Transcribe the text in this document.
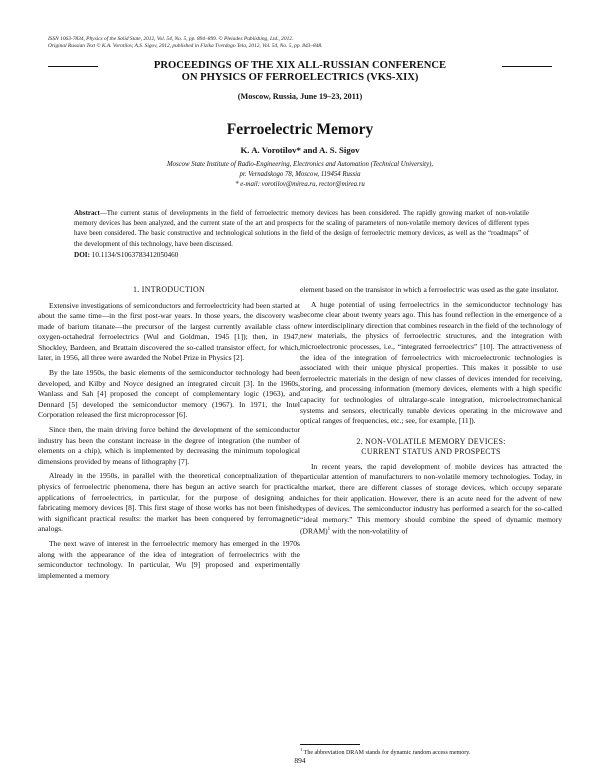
ISSN 1063-7834, Physics of the Solid State, 2012, Vol. 54, No. 5, pp. 894–899. © Pleiades Publishing, Ltd., 2012.
Original Russian Text © K.A. Vorotilov, A.S. Sigov, 2012, published in Fizika Tverdogo Tela, 2012, Vol. 54, No. 5, pp. 843–848.
PROCEEDINGS OF THE XIX ALL-RUSSIAN CONFERENCE
ON PHYSICS OF FERROELECTRICS (VKS-XIX)
(Moscow, Russia, June 19–23, 2011)
Ferroelectric Memory
K. A. Vorotilov* and A. S. Sigov
Moscow State Institute of Radio-Engineering, Electronics and Automation (Technical University),
pr. Vernadskogo 78, Moscow, 119454 Russia
* e-mail: vorotilov@mirea.ru, rector@mirea.ru
Abstract—The current status of developments in the field of ferroelectric memory devices has been considered. The rapidly growing market of non-volatile memory devices has been analyzed, and the current state of the art and prospects for the scaling of parameters of non-volatile memory devices of different types have been considered. The basic constructive and technological solutions in the field of the design of ferroelectric memory devices, as well as the “roadmaps” of the development of this technology, have been discussed.
DOI: 10.1134/S1063783412050460
1. INTRODUCTION

Extensive investigations of semiconductors and ferroelectricity had been started at about the same time—in the first post-war years. In those years, the discovery was made of barium titanate—the precursor of the largest currently available class of oxygen-octahedral ferroelectrics (Wul and Goldman, 1945 [1]); then, in 1947, Shockley, Bardeen, and Brattain discovered the so-called transistor effect, for which, later, in 1956, all three were awarded the Nobel Prize in Physics [2].

By the late 1950s, the basic elements of the semiconductor technology had been developed, and Kilby and Noyce designed an integrated circuit [3]. In the 1960s, Wanlass and Sah [4] proposed the concept of complementary logic (1963), and Dennard [5] developed the semiconductor memory (1967). In 1971, the Intel Corporation released the first microprocessor [6].

Since then, the main driving force behind the development of the semiconductor industry has been the constant increase in the degree of integration (the number of elements on a chip), which is implemented by decreasing the minimum topological dimensions provided by means of lithography [7].

Already in the 1950s, in parallel with the theoretical conceptualization of the physics of ferroelectric phenomena, there has begun an active search for practical applications of ferroelectrics, in particular, for the purpose of designing and fabricating memory devices [8]. This first stage of those works has not been finished with significant practical results: the market has been conquered by ferromagnetic analogs.

The next wave of interest in the ferroelectric memory has emerged in the 1970s along with the appearance of the idea of integration of ferroelectrics with the semiconductor technology. In particular, Wu [9] proposed and experimentally implemented a memory

element based on the transistor in which a ferroelectric was used as the gate insulator.

A huge potential of using ferroelectrics in the semiconductor technology has become clear about twenty years ago. This has found reflection in the emergence of a new interdisciplinary direction that combines research in the field of the technology of new materials, the physics of ferroelectric structures, and the integration with microelectronic processes, i.e., “integrated ferroelectrics” [10]. The attractiveness of the idea of the integration of ferroelectrics with microelectronic technologies is associated with their unique physical properties. This makes it possible to use ferroelectric materials in the design of new classes of devices intended for receiving, storing, and processing information (memory devices, elements with a high specific capacity for technologies of ultralarge-scale integration, microelectromechanical systems and sensors, electrically tunable devices operating in the microwave and optical ranges of frequencies, etc.; see, for example, [11]).

2. NON-VOLATILE MEMORY DEVICES:
CURRENT STATUS AND PROSPECTS

In recent years, the rapid development of mobile devices has attracted the particular attention of manufacturers to non-volatile memory technologies. Today, in the market, there are different classes of storage devices, which occupy separate niches for their application. However, there is an acute need for the advent of new types of devices. The semiconductor industry has performed a search for the so-called “ideal memory.” This memory should combine the speed of dynamic memory (DRAM)$^1$ with the non-volatility of

$^1$ The abbreviation DRAM stands for dynamic random access memory.
894
